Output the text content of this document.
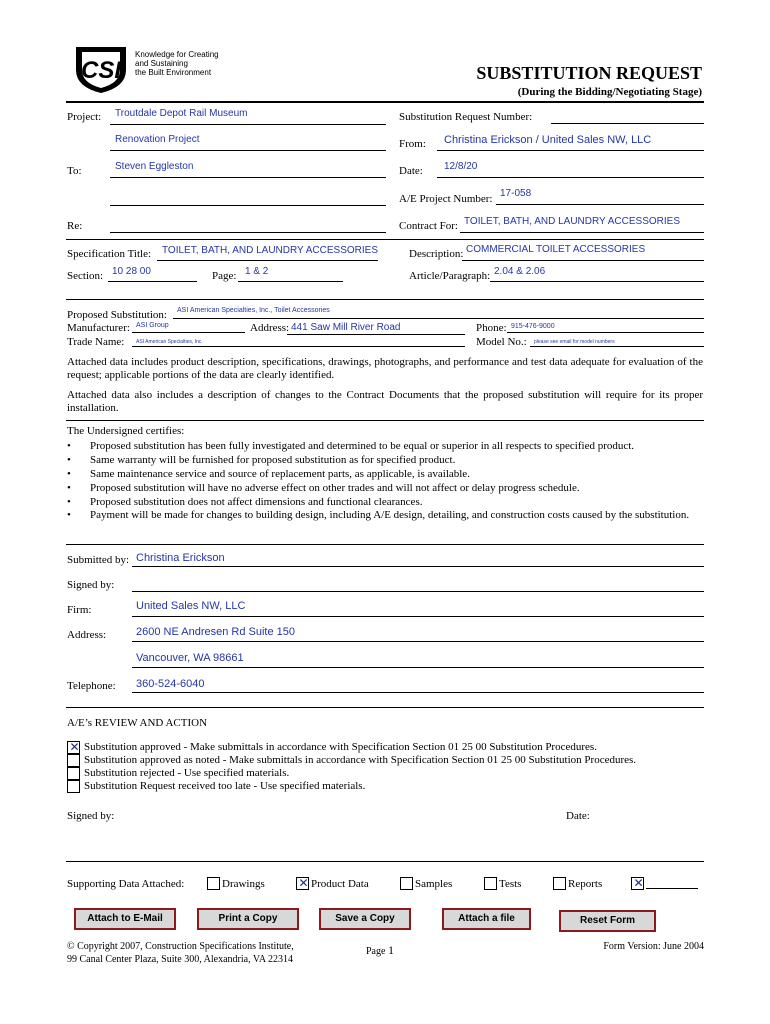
CSI
Knowledge for Creating
and Sustaining
the Built Environment	SUBSTITUTION REQUEST
(During the Bidding/Negotiating Stage)
Project: Troutdale Depot Rail Museum
Renovation Project
To:	Steven Eggleston
Re:
Substitution Request Number:
From: Christina Erickson / United Sales NW, LLC
Date: 12/8/20
A/E Project Number: 17-058
Contract For: TOILET, BATH, AND LAUNDRY ACCESSORIES
Specification Title: TOILET, BATH, AND LAUNDRY ACCESSORIES	Description: COMMERCIAL TOILET ACCESSORIES
Section: 10 28 00	Page: 1 & 2	Article/Paragraph: 2.04 & 2.06
Proposed Substitution: ASI American Specialties, Inc., Toilet Accessories
Manufacturer: ASI Group	Address: 441 Saw Mill River Road	Phone: 915-476-9000
Trade Name: ASI American Specialties, Inc.	Model No.: please see email for model numbers

Attached data includes product description, specifications, drawings, photographs, and performance and test data adequate for evaluation of the request; applicable portions of the data are clearly identified.

Attached data also includes a description of changes to the Contract Documents that the proposed substitution will require for its proper installation.

The Undersigned certifies:
• Proposed substitution has been fully investigated and determined to be equal or superior in all respects to specified product.
• Same warranty will be furnished for proposed substitution as for specified product.
• Same maintenance service and source of replacement parts, as applicable, is available.
• Proposed substitution will have no adverse effect on other trades and will not affect or delay progress schedule.
• Proposed substitution does not affect dimensions and functional clearances.
• Payment will be made for changes to building design, including A/E design, detailing, and construction costs caused by the substitution.
Submitted by: Christina Erickson
Signed by:
Firm:	United Sales NW, LLC
Address:	2600 NE Andresen Rd Suite 150
Vancouver, WA 98661
Telephone: 360-524-6040
A/E’s REVIEW AND ACTION
✕ Substitution approved - Make submittals in accordance with Specification Section 01 25 00 Substitution Procedures.
Substitution approved as noted - Make submittals in accordance with Specification Section 01 25 00 Substitution Procedures.
Substitution rejected - Use specified materials.
Substitution Request received too late - Use specified materials.
Signed by:	Date:
Supporting Data Attached:	Drawings	✕ Product Data	Samples	Tests	Reports	✕
Attach to E-Mail	Print a Copy	Save a Copy	Attach a file	Reset Form
© Copyright 2007, Construction Specifications Institute,
99 Canal Center Plaza, Suite 300, Alexandria, VA 22314
Page 1	Form Version: June 2004
